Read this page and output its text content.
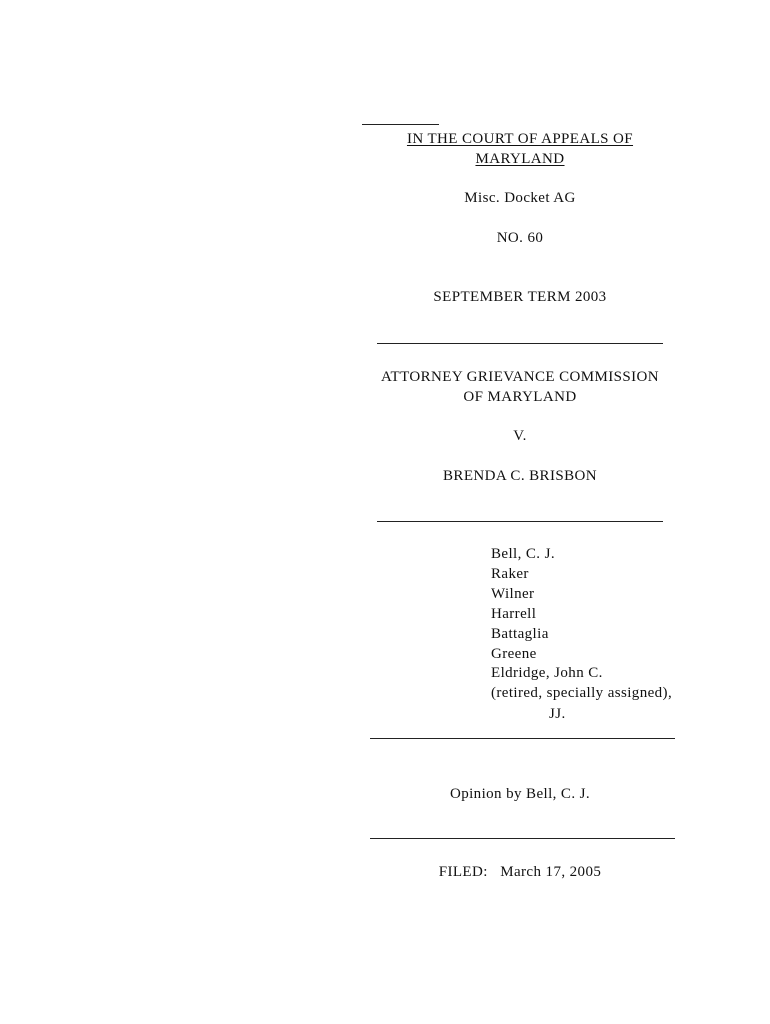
IN THE COURT OF APPEALS OF
MARYLAND
Misc. Docket AG
NO. 60
SEPTEMBER TERM 2003
ATTORNEY GRIEVANCE COMMISSION
OF MARYLAND
V.
BRENDA C. BRISBON
Bell, C. J.
Raker
Wilner
Harrell
Battaglia
Greene
Eldridge, John C.
(retired, specially assigned),
JJ.
Opinion by Bell, C. J.
FILED:   March 17, 2005
